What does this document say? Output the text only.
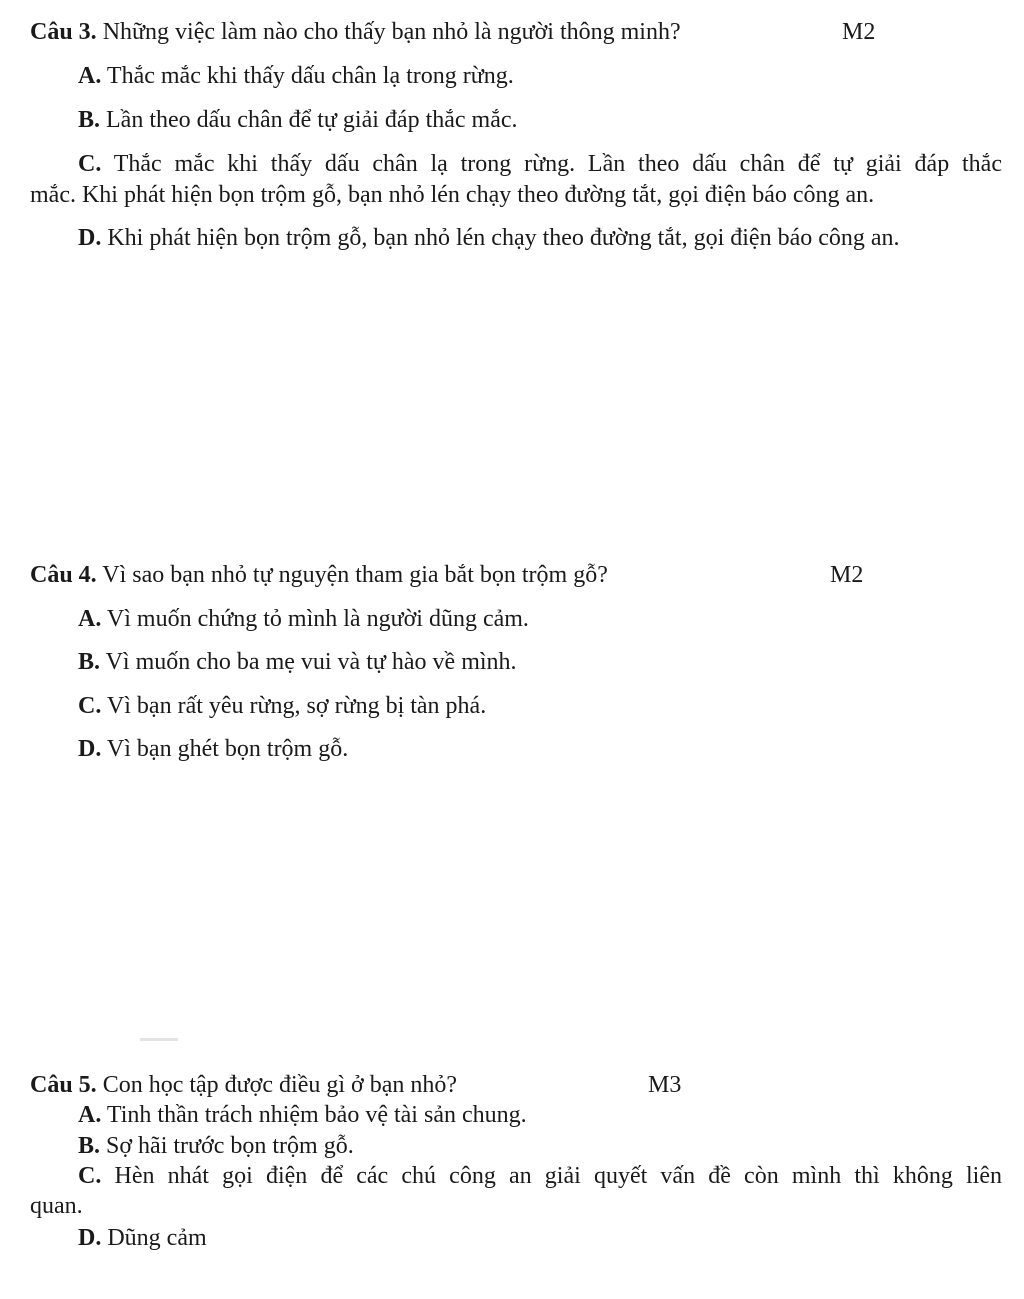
Câu 3. Những việc làm nào cho thấy bạn nhỏ là người thông minh?	M2
A. Thắc mắc khi thấy dấu chân lạ trong rừng.
B. Lần theo dấu chân để tự giải đáp thắc mắc.
C. Thắc mắc khi thấy dấu chân lạ trong rừng. Lần theo dấu chân để tự giải đáp thắc
mắc. Khi phát hiện bọn trộm gỗ, bạn nhỏ lén chạy theo đường tắt, gọi điện báo công an.
D. Khi phát hiện bọn trộm gỗ, bạn nhỏ lén chạy theo đường tắt, gọi điện báo công an.
Câu 4. Vì sao bạn nhỏ tự nguyện tham gia bắt bọn trộm gỗ?	M2
A. Vì muốn chứng tỏ mình là người dũng cảm.
B. Vì muốn cho ba mẹ vui và tự hào về mình.
C. Vì bạn rất yêu rừng, sợ rừng bị tàn phá.
D. Vì bạn ghét bọn trộm gỗ.
Câu 5. Con học tập được điều gì ở bạn nhỏ?	M3
A. Tinh thần trách nhiệm bảo vệ tài sản chung.
B. Sợ hãi trước bọn trộm gỗ.
C. Hèn nhát gọi điện để các chú công an giải quyết vấn đề còn mình thì không liên
quan.
D. Dũng cảm
